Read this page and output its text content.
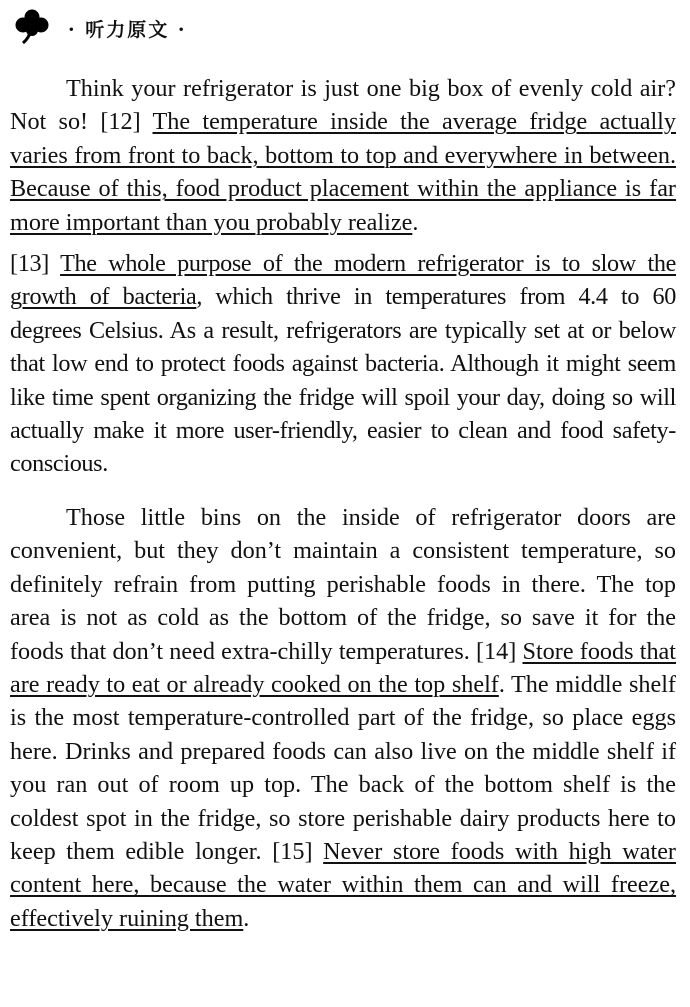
· 听力原文 ·

Think your refrigerator is just one big box of evenly cold air? Not so! [12] The temperature inside the average fridge actually varies from front to back, bottom to top and everywhere in between. Because of this, food product placement within the appliance is far more important than you probably realize.

[13] The whole purpose of the modern refrigerator is to slow the growth of bacteria, which thrive in temperatures from 4.4 to 60 degrees Celsius. As a result, refrigerators are typically set at or below that low end to protect foods against bacteria. Although it might seem like time spent organizing the fridge will spoil your day, doing so will actually make it more user-friendly, easier to clean and food safety-conscious.

Those little bins on the inside of refrigerator doors are convenient, but they don’t maintain a consistent temperature, so definitely refrain from putting perishable foods in there. The top area is not as cold as the bottom of the fridge, so save it for the foods that don’t need extra-chilly temperatures. [14] Store foods that are ready to eat or already cooked on the top shelf. The middle shelf is the most temperature-controlled part of the fridge, so place eggs here. Drinks and prepared foods can also live on the middle shelf if you ran out of room up top. The back of the bottom shelf is the coldest spot in the fridge, so store perishable dairy products here to keep them edible longer. [15] Never store foods with high water content here, because the water within them can and will freeze, effectively ruining them.
